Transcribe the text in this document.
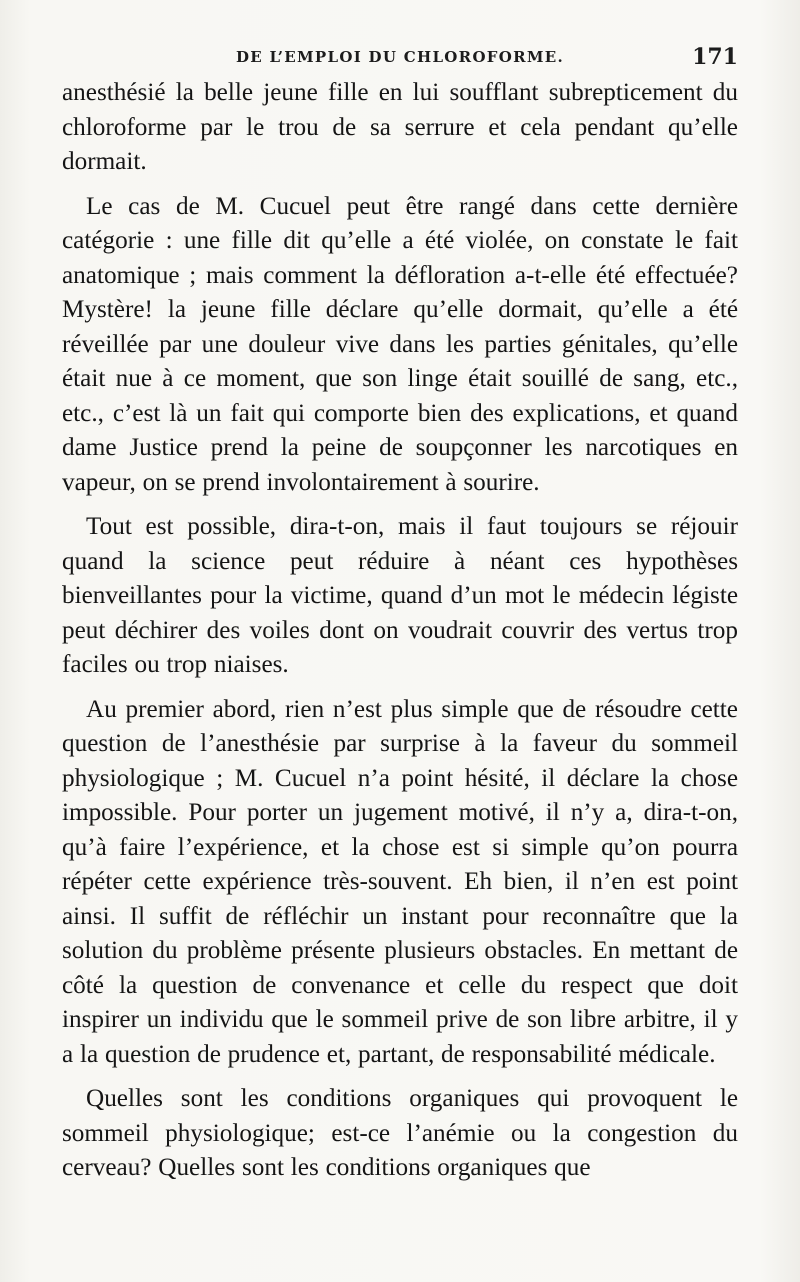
DE L’EMPLOI DU CHLOROFORME.	171

anesthésié la belle jeune fille en lui soufflant subrepticement du chloroforme par le trou de sa serrure et cela pendant qu’elle dormait.

Le cas de M. Cucuel peut être rangé dans cette dernière catégorie : une fille dit qu’elle a été violée, on constate le fait anatomique ; mais comment la défloration a-t-elle été effectuée? Mystère! la jeune fille déclare qu’elle dormait, qu’elle a été réveillée par une douleur vive dans les parties génitales, qu’elle était nue à ce moment, que son linge était souillé de sang, etc., etc., c’est là un fait qui comporte bien des explications, et quand dame Justice prend la peine de soupçonner les narcotiques en vapeur, on se prend involontairement à sourire.

Tout est possible, dira-t-on, mais il faut toujours se réjouir quand la science peut réduire à néant ces hypothèses bienveillantes pour la victime, quand d’un mot le médecin légiste peut déchirer des voiles dont on voudrait couvrir des vertus trop faciles ou trop niaises.

Au premier abord, rien n’est plus simple que de résoudre cette question de l’anesthésie par surprise à la faveur du sommeil physiologique ; M. Cucuel n’a point hésité, il déclare la chose impossible. Pour porter un jugement motivé, il n’y a, dira-t-on, qu’à faire l’expérience, et la chose est si simple qu’on pourra répéter cette expérience très-souvent. Eh bien, il n’en est point ainsi. Il suffit de réfléchir un instant pour reconnaître que la solution du problème présente plusieurs obstacles. En mettant de côté la question de convenance et celle du respect que doit inspirer un individu que le sommeil prive de son libre arbitre, il y a la question de prudence et, partant, de responsabilité médicale.

Quelles sont les conditions organiques qui provoquent le sommeil physiologique; est-ce l’anémie ou la congestion du cerveau? Quelles sont les conditions organiques que
